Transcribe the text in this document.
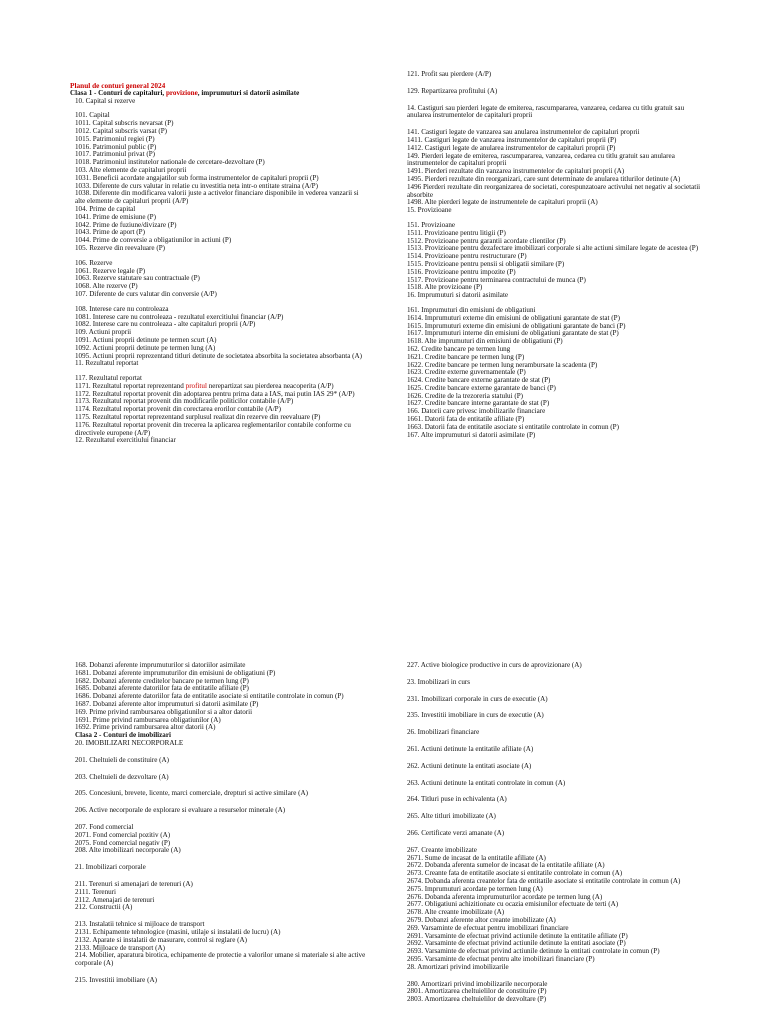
Planul de conturi general 2024
Clasa 1 - Conturi de capitaluri, provizione, imprumuturi si datorii asimilate
10. Capital si rezerve
101. Capital
1011. Capital subscris nevarsat (P)
1012. Capital subscris varsat (P)
1015. Patrimoniul regiei (P)
1016. Patrimoniul public (P)
1017. Patrimoniul privat (P)
1018. Patrimoniul institutelor nationale de cercetare-dezvoltare (P)
103. Alte elemente de capitaluri proprii
1031. Beneficii acordate angajatilor sub forma instrumentelor de capitaluri proprii (P)
1033. Diferente de curs valutar in relatie cu investitia neta intr-o entitate straina (A/P)
1038. Diferente din modificarea valorii juste a activelor financiare disponibile in vederea vanzarii si alte elemente de capitaluri proprii (A/P)
104. Prime de capital
1041. Prime de emisiune (P)
1042. Prime de fuziune/divizare (P)
1043. Prime de aport (P)
1044. Prime de conversie a obligatiunilor in actiuni (P)
105. Rezerve din reevaluare (P)
106. Rezerve
1061. Rezerve legale (P)
1063. Rezerve statutare sau contractuale (P)
1068. Alte rezerve (P)
107. Diferente de curs valutar din conversie (A/P)
108. Interese care nu controleaza
1081. Interese care nu controleaza - rezultatul exercitiului financiar (A/P)
1082. Interese care nu controleaza - alte capitaluri proprii (A/P)
109. Actiuni proprii
1091. Actiuni proprii detinute pe termen scurt (A)
1092. Actiuni proprii detinute pe termen lung (A)
1095. Actiuni proprii reprezentand titluri detinute de societatea absorbita la societatea absorbanta (A)
11. Rezultatul reportat
117. Rezultatul reportat
1171. Rezultatul reportat reprezentand profitul nerepartizat sau pierderea neacoperita (A/P)
1172. Rezultatul reportat provenit din adoptarea pentru prima data a IAS, mai putin IAS 29* (A/P)
1173. Rezultatul reportat provenit din modificarile politicilor contabile (A/P)
1174. Rezultatul reportat provenit din corectarea erorilor contabile (A/P)
1175. Rezultatul reportat reprezentand surplusul realizat din rezerve din reevaluare (P)
1176. Rezultatul reportat provenit din trecerea la aplicarea reglementarilor contabile conforme cu directivele europene (A/P)
12. Rezultatul exercitiului financiar
121. Profit sau pierdere (A/P)
129. Repartizarea profitului (A)
14. Castiguri sau pierderi legate de emiterea, rascumpararea, vanzarea, cedarea cu titlu gratuit sau anularea instrumentelor de capitaluri proprii
141. Castiguri legate de vanzarea sau anularea instrumentelor de capitaluri proprii
1411. Castiguri legate de vanzarea instrumentelor de capitaluri proprii (P)
1412. Castiguri legate de anularea instrumentelor de capitaluri proprii (P)
149. Pierderi legate de emiterea, rascumpararea, vanzarea, cedarea cu titlu gratuit sau anularea instrumentelor de capitaluri proprii
1491. Pierderi rezultate din vanzarea instrumentelor de capitaluri proprii (A)
1495. Pierderi rezultate din reorganizari, care sunt determinate de anularea titlurilor detinute (A)
1496 Pierderi rezultate din reorganizarea de societati, corespunzatoare activului net negativ al societatii absorbite
1498. Alte pierderi legate de instrumentele de capitaluri proprii (A)
15. Provizioane
151. Provizioane
1511. Provizioane pentru litigii (P)
1512. Provizioane pentru garantii acordate clientilor (P)
1513. Provizioane pentru dezafectare imobilizari corporale si alte actiuni similare legate de acestea (P)
1514. Provizioane pentru restructurare (P)
1515. Provizioane pentru pensii si obligatii similare (P)
1516. Provizioane pentru impozite (P)
1517. Provizioane pentru terminarea contractului de munca (P)
1518. Alte provizioane (P)
16. Imprumuturi si datorii asimilate
161. Imprumuturi din emisiuni de obligatiuni
1614. Imprumuturi externe din emisiuni de obligatiuni garantate de stat (P)
1615. Imprumuturi externe din emisiuni de obligatiuni garantate de banci (P)
1617. Imprumuturi interne din emisiuni de obligatiuni garantate de stat (P)
1618. Alte imprumuturi din emisiuni de obligatiuni (P)
162. Credite bancare pe termen lung
1621. Credite bancare pe termen lung (P)
1622. Credite bancare pe termen lung nerambursate la scadenta (P)
1623. Credite externe guvernamentale (P)
1624. Credite bancare externe garantate de stat (P)
1625. Credite bancare externe garantate de banci (P)
1626. Credite de la trezoreria statului (P)
1627. Credite bancare interne garantate de stat (P)
166. Datorii care privesc imobilizarile financiare
1661. Datorii fata de entitatile afiliate (P)
1663. Datorii fata de entitatile asociate si entitatile controlate in comun (P)
167. Alte imprumuturi si datorii asimilate (P)
168. Dobanzi aferente imprumuturilor si datoriilor asimilate
1681. Dobanzi aferente imprumuturilor din emisiuni de obligatiuni (P)
1682. Dobanzi aferente creditelor bancare pe termen lung (P)
1685. Dobanzi aferente datoriilor fata de entitatile afiliate (P)
1686. Dobanzi aferente datoriilor fata de entitatile asociate si entitatile controlate in comun (P)
1687. Dobanzi aferente altor imprumuturi si datorii asimilate (P)
169. Prime privind rambursarea obligatiunilor si a altor datorii
1691. Prime privind rambursarea obligatiunilor (A)
1692. Prime privind rambursarea altor datorii (A)
Clasa 2 - Conturi de imobilizari
20. IMOBILIZARI NECORPORALE
201. Cheltuieli de constituire (A)
203. Cheltuieli de dezvoltare (A)
205. Concesiuni, brevete, licente, marci comerciale, drepturi si active similare (A)
206. Active necorporale de explorare si evaluare a resurselor minerale (A)
207. Fond comercial
2071. Fond comercial pozitiv (A)
2075. Fond comercial negativ (P)
208. Alte imobilizari necorporale (A)
21. Imobilizari corporale
211. Terenuri si amenajari de terenuri (A)
2111. Terenuri
2112. Amenajari de terenuri
212. Constructii (A)
213. Instalatii tehnice si mijloace de transport
2131. Echipamente tehnologice (masini, utilaje si instalatii de lucru) (A)
2132. Aparate si instalatii de masurare, control si reglare (A)
2133. Mijloace de transport (A)
214. Mobilier, aparatura birotica, echipamente de protectie a valorilor umane si materiale si alte active corporale (A)
215. Investitii imobiliare (A)
227. Active biologice productive in curs de aprovizionare (A)
23. Imobilizari in curs
231. Imobilizari corporale in curs de executie (A)
235. Investitii imobiliare in curs de executie (A)
26. Imobilizari financiare
261. Actiuni detinute la entitatile afiliate (A)
262. Actiuni detinute la entitati asociate (A)
263. Actiuni detinute la entitati controlate in comun (A)
264. Titluri puse in echivalenta (A)
265. Alte titluri imobilizate (A)
266. Certificate verzi amanate (A)
267. Creante imobilizate
2671. Sume de incasat de la entitatile afiliate (A)
2672. Dobanda aferenta sumelor de incasat de la entitatile afiliate (A)
2673. Creante fata de entitatile asociate si entitatile controlate in comun (A)
2674. Dobanda aferenta creantelor fata de entitatile asociate si entitatile controlate in comun (A)
2675. Imprumuturi acordate pe termen lung (A)
2676. Dobanda aferenta imprumuturilor acordate pe termen lung (A)
2677. Obligatiuni achizitionate cu ocazia emisiunilor efectuate de terti (A)
2678. Alte creante imobilizate (A)
2679. Dobanzi aferente altor creante imobilizate (A)
269. Varsaminte de efectuat pentru imobilizari financiare
2691. Varsaminte de efectuat privind actiunile detinute la entitatile afiliate (P)
2692. Varsaminte de efectuat privind actiunile detinute la entitati asociate (P)
2693. Varsaminte de efectuat privind actiunile detinute la entitati controlate in comun (P)
2695. Varsaminte de efectuat pentru alte imobilizari financiare (P)
28. Amortizari privind imobilizarile
280. Amortizari privind imobilizarile necorporale
2801. Amortizarea cheltuielilor de constituire (P)
2803. Amortizarea cheltuielilor de dezvoltare (P)
